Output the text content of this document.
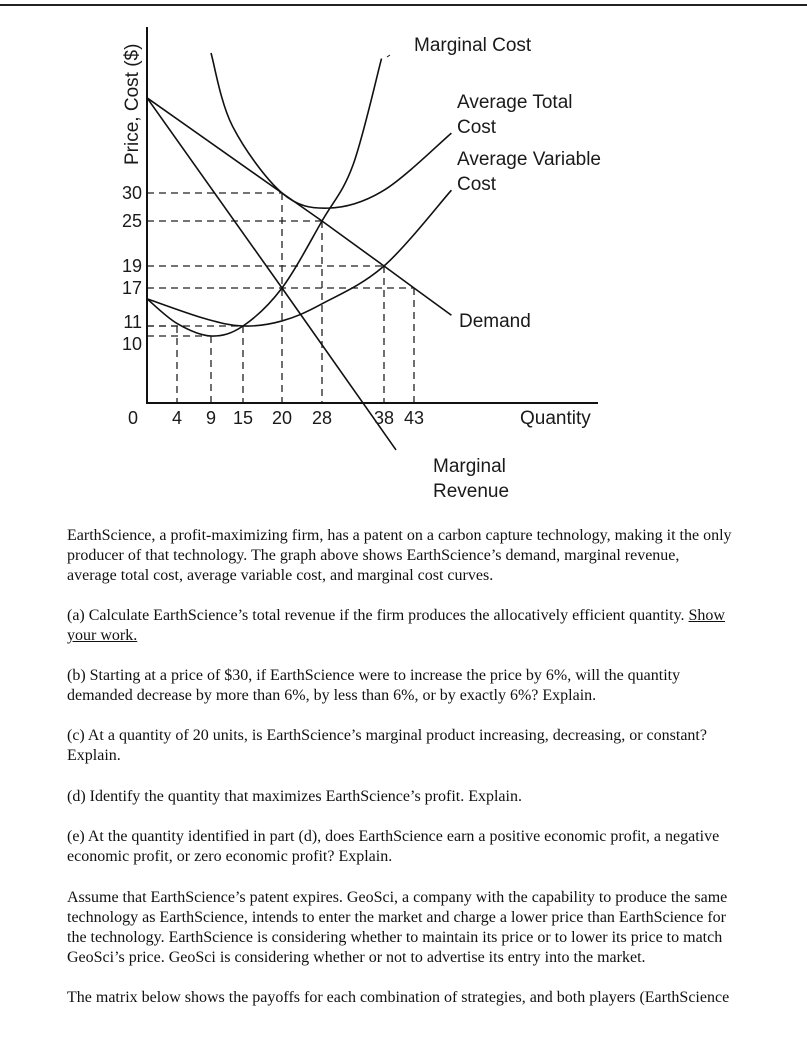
4 9 15 20 28 38 43
30
25
19
17
11
10
Price, Cost ($)
0	Quantity
Marginal Cost
Average Total
Cost
Average Variable
Cost
Demand
Marginal
Revenue
EarthScience, a profit-maximizing firm, has a patent on a carbon capture technology, making it the only
producer of that technology. The graph above shows EarthScience’s demand, marginal revenue,
average total cost, average variable cost, and marginal cost curves.
(a) Calculate EarthScience’s total revenue if the firm produces the allocatively efficient quantity. Show
your work.
(b) Starting at a price of $30, if EarthScience were to increase the price by 6%, will the quantity
demanded decrease by more than 6%, by less than 6%, or by exactly 6%? Explain.
(c) At a quantity of 20 units, is EarthScience’s marginal product increasing, decreasing, or constant?
Explain.
(d) Identify the quantity that maximizes EarthScience’s profit. Explain.
(e) At the quantity identified in part (d), does EarthScience earn a positive economic profit, a negative
economic profit, or zero economic profit? Explain.
Assume that EarthScience’s patent expires. GeoSci, a company with the capability to produce the same
technology as EarthScience, intends to enter the market and charge a lower price than EarthScience for
the technology. EarthScience is considering whether to maintain its price or to lower its price to match
GeoSci’s price. GeoSci is considering whether or not to advertise its entry into the market.
The matrix below shows the payoffs for each combination of strategies, and both players (EarthScience
